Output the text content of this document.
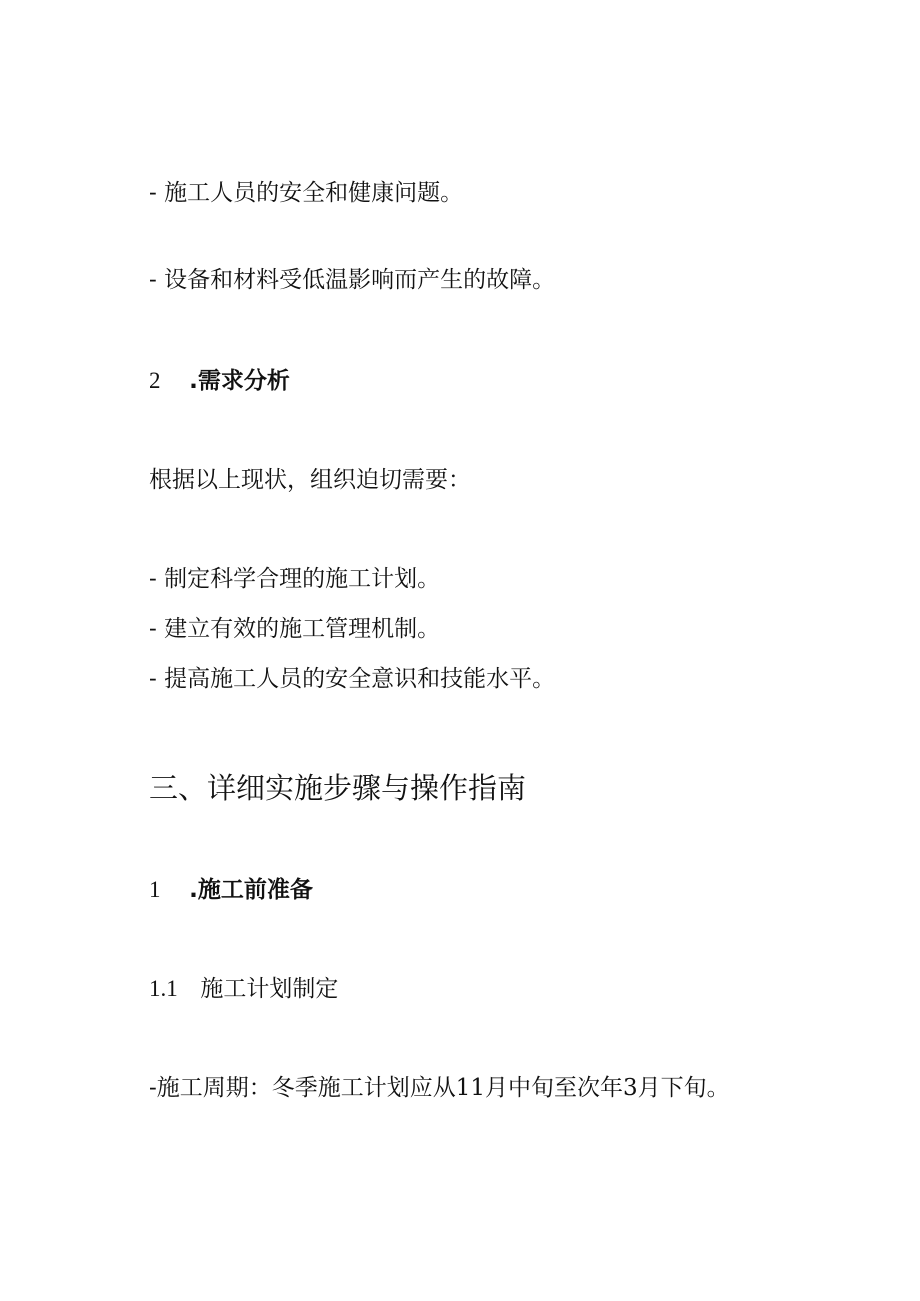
- 施工人员的安全和健康问题。
- 设备和材料受低温影响而产生的故障。
2 .需求分析
根据以上现状，组织迫切需要：
- 制定科学合理的施工计划。
- 建立有效的施工管理机制。
- 提高施工人员的安全意识和技能水平。
三、详细实施步骤与操作指南
1 .施工前准备
1.1 施工计划制定
-施工周期：冬季施工计划应从11月中旬至次年3月下旬。
